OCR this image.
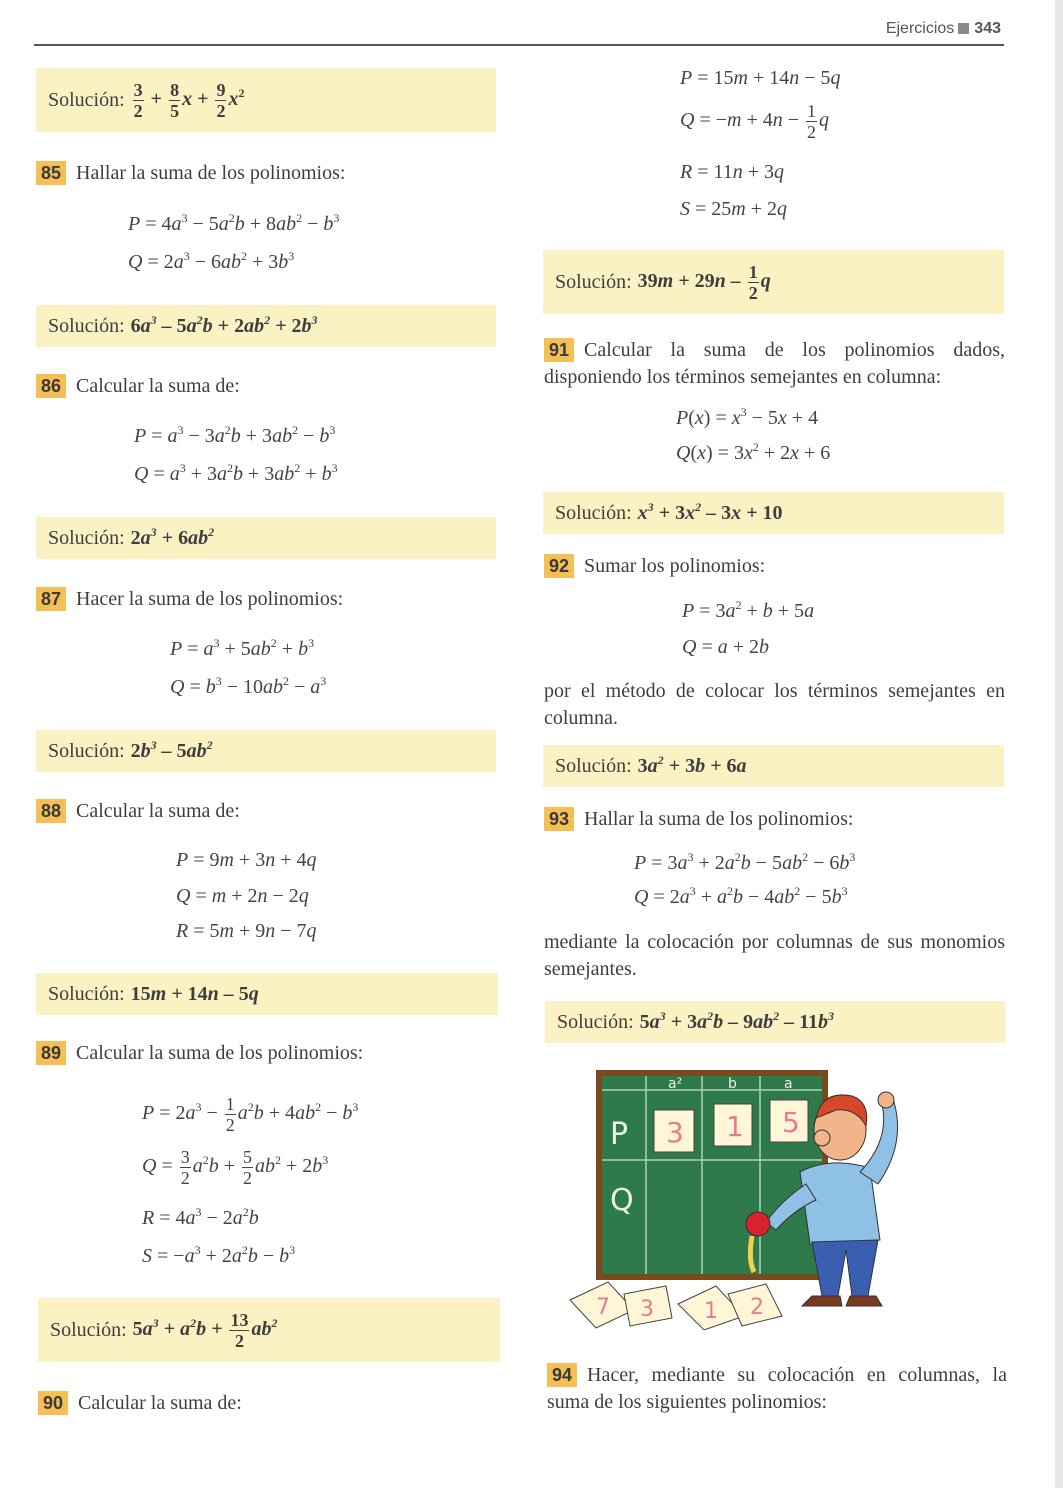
Ejercicios 343
Solución: $\frac{3}{2} + \frac{8}{5}$ $x + \frac{9}{2} x^2$
85 Hallar la suma de los polinomios:
$P = 4a^3 - 5a^2b + 8ab^2 - b^3$
$Q = 2a^3 - 6ab^2 + 3b^3$
Solución: $6a^3 - 5a^2b + 2ab^2 + 2b^3$
86 Calcular la suma de:
$P = a^3 - 3a^2b + 3ab^2 - b^3$
$Q = a^3 + 3a^2b + 3ab^2 + b^3$
Solución: $2a^3 + 6ab^2$
87 Hacer la suma de los polinomios:
$P = a^3 + 5ab^2 + b^3$
$Q = b^3 - 10ab^2 - a^3$
Solución: $2b^3 - 5ab^2$
88 Calcular la suma de:
P = 9m + 3n + 4q
Q = m + 2n − 2q
R = 5m + 9n − 7q
Solución: 15m + 14n – 5q
89 Calcular la suma de los polinomios:
$P = 2a^3 - \frac{1}{2} a^2b + 4ab^2 - b^3$
$Q = \frac{3}{2} a^2b + \frac{5}{2} ab^2 + 2b^3$
$R = 4a^3 - 2a^2b$
$S = -a^3 + 2a^2b - b^3$
Solución: $5a^3 + a^2b + \frac{13}{2} ab^2$
90 Calcular la suma de:
P = 15m + 14n − 5q
$Q = -m + 4n - \frac{1}{2}$ q
R = 11n + 3q
S = 25m + 2q
Solución: $39m + 29n - \frac{1}{2}$ q
91 Calcular la suma de los polinomios dados, disponiendo los términos semejantes en columna:
$P(x) = x^3 - 5x + 4$
$Q(x) = 3x^2 + 2x + 6$
Solución: $x^3 + 3x^2 - 3x + 10$
92 Sumar los polinomios:
$P = 3a^2 + b + 5a$
Q = a + 2b
por el método de colocar los términos semejantes en columna.
Solución: $3a^2 + 3b + 6a$
93 Hallar la suma de los polinomios:
$P = 3a^3 + 2a^2b - 5ab^2 - 6b^3$
$Q = 2a^3 + a^2b - 4ab^2 - 5b^3$
mediante la colocación por columnas de sus monomios semejantes.
Solución: $5a^3 + 3a^2b - 9ab^2 - 11b^3$
a²	b	a
P
Q
3 1 5
7 3 1 2
94 Hacer, mediante su colocación en columnas, la suma de los siguientes polinomios:
